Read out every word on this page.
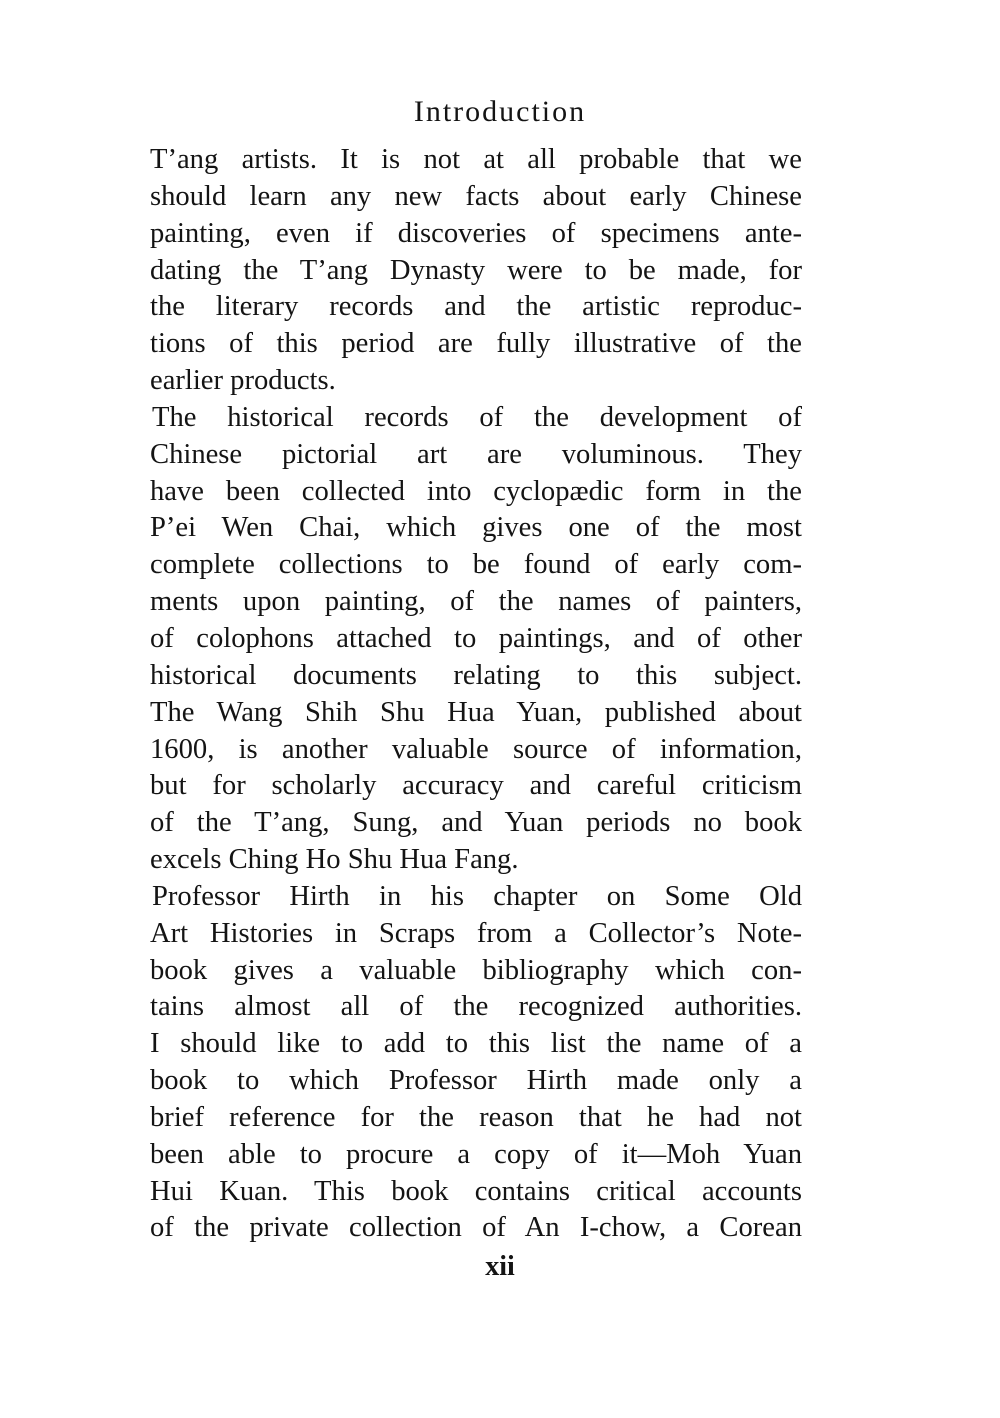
Introduction
T’ang artists. It is not at all probable that we
should learn any new facts about early Chinese
painting, even if discoveries of specimens ante-
dating the T’ang Dynasty were to be made, for
the literary records and the artistic reproduc-
tions of this period are fully illustrative of the
earlier products.
The historical records of the development of
Chinese pictorial art are voluminous. They
have been collected into cyclopædic form in the
P’ei Wen Chai, which gives one of the most
complete collections to be found of early com-
ments upon painting, of the names of painters,
of colophons attached to paintings, and of other
historical documents relating to this subject.
The Wang Shih Shu Hua Yuan, published about
1600, is another valuable source of information,
but for scholarly accuracy and careful criticism
of the T’ang, Sung, and Yuan periods no book
excels Ching Ho Shu Hua Fang.
Professor Hirth in his chapter on Some Old
Art Histories in Scraps from a Collector’s Note-
book gives a valuable bibliography which con-
tains almost all of the recognized authorities.
I should like to add to this list the name of a
book to which Professor Hirth made only a
brief reference for the reason that he had not
been able to procure a copy of it—Moh Yuan
Hui Kuan. This book contains critical accounts
of the private collection of An I-chow, a Corean
xii
